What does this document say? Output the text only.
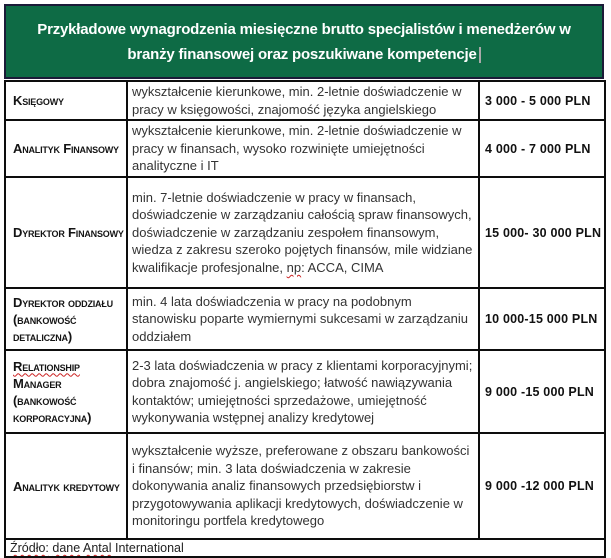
Przykładowe wynagrodzenia miesięczne brutto specjalistów i menedżerów w
branży finansowej oraz poszukiwane kompetencje
Księgowy	wykształcenie kierunkowe, min. 2-letnie doświadczenie w pracy w księgowości, znajomość języka angielskiego	3 000 - 5 000 PLN
Analityk Finansowy	wykształcenie kierunkowe, min. 2-letnie doświadczenie w pracy w finansach, wysoko rozwinięte umiejętności analityczne i IT	4 000 - 7 000 PLN
Dyrektor Finansowy	min. 7-letnie doświadczenie w pracy w finansach, doświadczenie w zarządzaniu całością spraw finansowych, doświadczenie w zarządzaniu zespołem finansowym, wiedza z zakresu szeroko pojętych finansów, mile widziane kwalifikacje profesjonalne, np: ACCA, CIMA	15 000- 30 000 PLN
Dyrektor oddziału (bankowość detaliczna)	min. 4 lata doświadczenia w pracy na podobnym stanowisku poparte wymiernymi sukcesami w zarządzaniu oddziałem	10 000-15 000 PLN
Relationship Manager (bankowość korporacyjna)	2-3 lata doświadczenia w pracy z klientami korporacyjnymi; dobra znajomość j. angielskiego; łatwość nawiązywania kontaktów; umiejętności sprzedażowe, umiejętność wykonywania wstępnej analizy kredytowej	9 000 -15 000 PLN
Analityk kredytowy	wykształcenie wyższe, preferowane z obszaru bankowości i finansów; min. 3 lata doświadczenia w zakresie dokonywania analiz finansowych przedsiębiorstw i przygotowywania aplikacji kredytowych, doświadczenie w monitoringu portfela kredytowego	9 000 -12 000 PLN
Źródło: dane Antal International		
